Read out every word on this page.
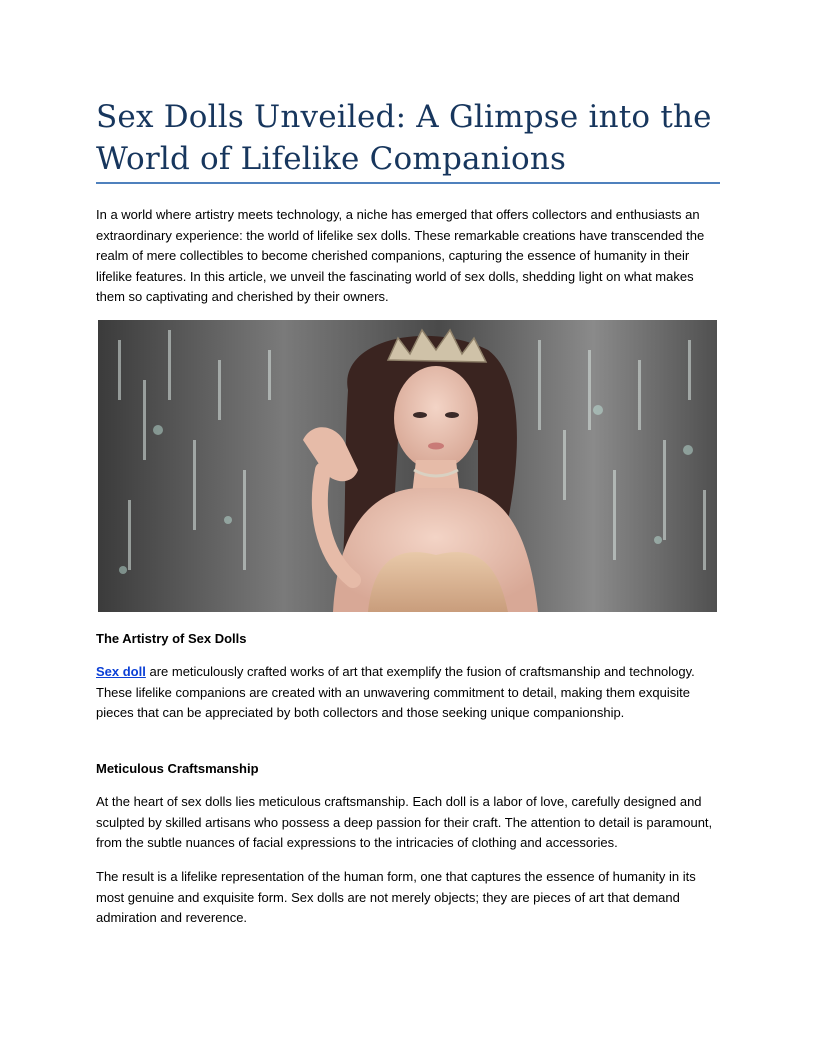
Sex Dolls Unveiled: A Glimpse into the World of Lifelike Companions

In a world where artistry meets technology, a niche has emerged that offers collectors and enthusiasts an extraordinary experience: the world of lifelike sex dolls. These remarkable creations have transcended the realm of mere collectibles to become cherished companions, capturing the essence of humanity in their lifelike features. In this article, we unveil the fascinating world of sex dolls, shedding light on what makes them so captivating and cherished by their owners.

The Artistry of Sex Dolls

Sex doll are meticulously crafted works of art that exemplify the fusion of craftsmanship and technology. These lifelike companions are created with an unwavering commitment to detail, making them exquisite pieces that can be appreciated by both collectors and those seeking unique companionship.

Meticulous Craftsmanship

At the heart of sex dolls lies meticulous craftsmanship. Each doll is a labor of love, carefully designed and sculpted by skilled artisans who possess a deep passion for their craft. The attention to detail is paramount, from the subtle nuances of facial expressions to the intricacies of clothing and accessories.

The result is a lifelike representation of the human form, one that captures the essence of humanity in its most genuine and exquisite form. Sex dolls are not merely objects; they are pieces of art that demand admiration and reverence.
